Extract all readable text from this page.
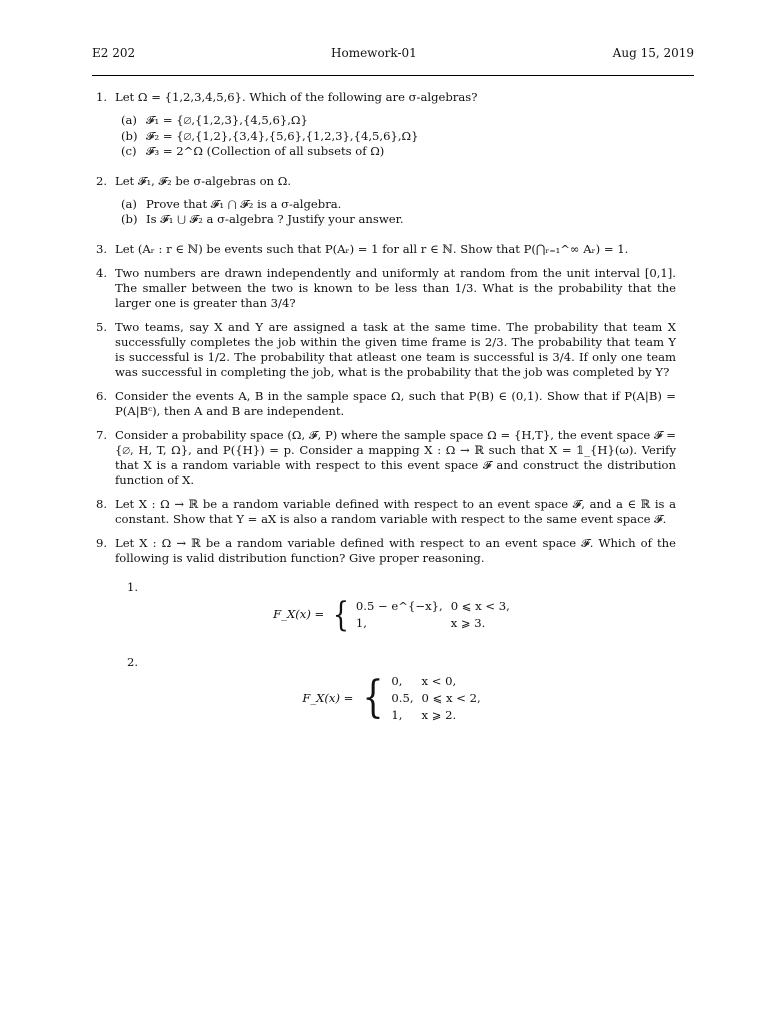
E2 202	Homework-01	Aug 15, 2019
1. Let Ω = {1,2,3,4,5,6}. Which of the following are σ-algebras?
(a) 𝓕₁ = {∅,{1,2,3},{4,5,6},Ω}
(b) 𝓕₂ = {∅,{1,2},{3,4},{5,6},{1,2,3},{4,5,6},Ω}
(c) 𝓕₃ = 2^Ω (Collection of all subsets of Ω)
2. Let 𝓕₁, 𝓕₂ be σ-algebras on Ω.
(a) Prove that 𝓕₁ ⋂ 𝓕₂ is a σ-algebra.
(b) Is 𝓕₁ ⋃ 𝓕₂ a σ-algebra ? Justify your answer.
3. Let (Aᵣ : r ∈ ℕ) be events such that P(Aᵣ) = 1 for all r ∈ ℕ. Show that P(⋂ᵣ₌₁^∞ Aᵣ) = 1.
4. Two numbers are drawn independently and uniformly at random from the unit interval [0,1]. The smaller between the two is known to be less than 1/3. What is the probability that the larger one is greater than 3/4?
5. Two teams, say X and Y are assigned a task at the same time. The probability that team X successfully completes the job within the given time frame is 2/3. The probability that team Y is successful is 1/2. The probability that atleast one team is successful is 3/4. If only one team was successful in completing the job, what is the probability that the job was completed by Y?
6. Consider the events A, B in the sample space Ω, such that P(B) ∈ (0,1). Show that if P(A|B) = P(A|Bᶜ), then A and B are independent.
7. Consider a probability space (Ω, 𝓕, P) where the sample space Ω = {H,T}, the event space 𝓕 = {∅, H, T, Ω}, and P({H}) = p. Consider a mapping X : Ω → ℝ such that X = 𝟙_{H}(ω). Verify that X is a random variable with respect to this event space 𝓕 and construct the distribution function of X.
8. Let X : Ω → ℝ be a random variable defined with respect to an event space 𝓕, and a ∈ ℝ is a constant. Show that Y = aX is also a random variable with respect to the same event space 𝓕.
9. Let X : Ω → ℝ be a random variable defined with respect to an event space 𝓕. Which of the following is valid distribution function? Give proper reasoning.
1.
F_X(x) = { 0.5 − e^{−x},	0 ⩽ x < 3,
1,	x ⩾ 3.
2.
F_X(x) = { 0,	x < 0,
0.5,	0 ⩽ x < 2,
1,	x ⩾ 2.
